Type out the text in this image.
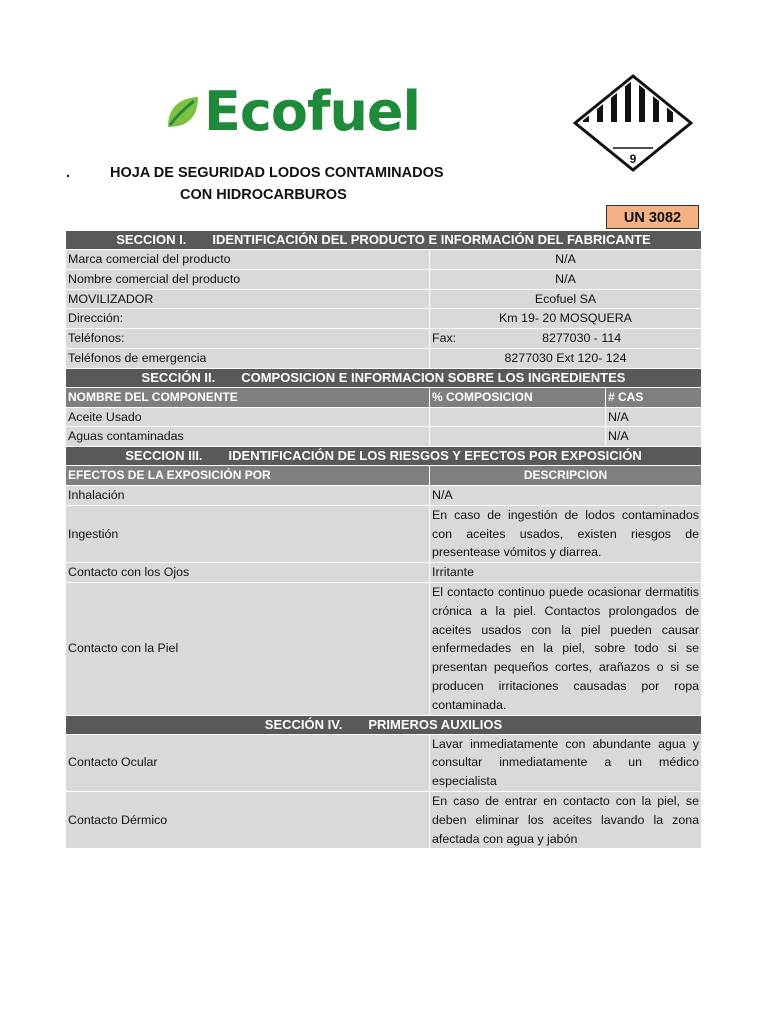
Ecofuel
9
.	HOJA DE SEGURIDAD LODOS CONTAMINADOS
CON HIDROCARBUROS
UN 3082
SECCION I. IDENTIFICACIÓN DEL PRODUCTO E INFORMACIÓN DEL FABRICANTE		
Marca comercial del producto	N/A	
Nombre comercial del producto	N/A	
MOVILIZADOR	Ecofuel SA	
Dirección:	Km 19- 20 MOSQUERA	
Teléfonos:	Fax: 8277030 - 114	
Teléfonos de emergencia	8277030 Ext 120- 124	
SECCIÓN II. COMPOSICION E INFORMACION SOBRE LOS INGREDIENTES		
NOMBRE DEL COMPONENTE	% COMPOSICION	# CAS
Aceite Usado		N/A
Aguas contaminadas		N/A
SECCION III. IDENTIFICACIÓN DE LOS RIESGOS Y EFECTOS POR EXPOSICIÓN		
EFECTOS DE LA EXPOSICIÓN POR	DESCRIPCION	
Inhalación	N/A	
Ingestión	En caso de ingestión de lodos contaminados con aceites usados, existen riesgos de presentease vómitos y diarrea.	
Contacto con los Ojos	Irritante	
Contacto con la Piel	El contacto continuo puede ocasionar dermatitis crónica a la piel. Contactos prolongados de aceites usados con la piel pueden causar enfermedades en la piel, sobre todo si se presentan pequeños cortes, arañazos o si se producen irritaciones causadas por ropa contaminada.	
SECCIÓN IV. PRIMEROS AUXILIOS		
Contacto Ocular	Lavar inmediatamente con abundante agua y consultar inmediatamente a un médico especialista	
Contacto Dérmico	En caso de entrar en contacto con la piel, se deben eliminar los aceites lavando la zona afectada con agua y jabón	
